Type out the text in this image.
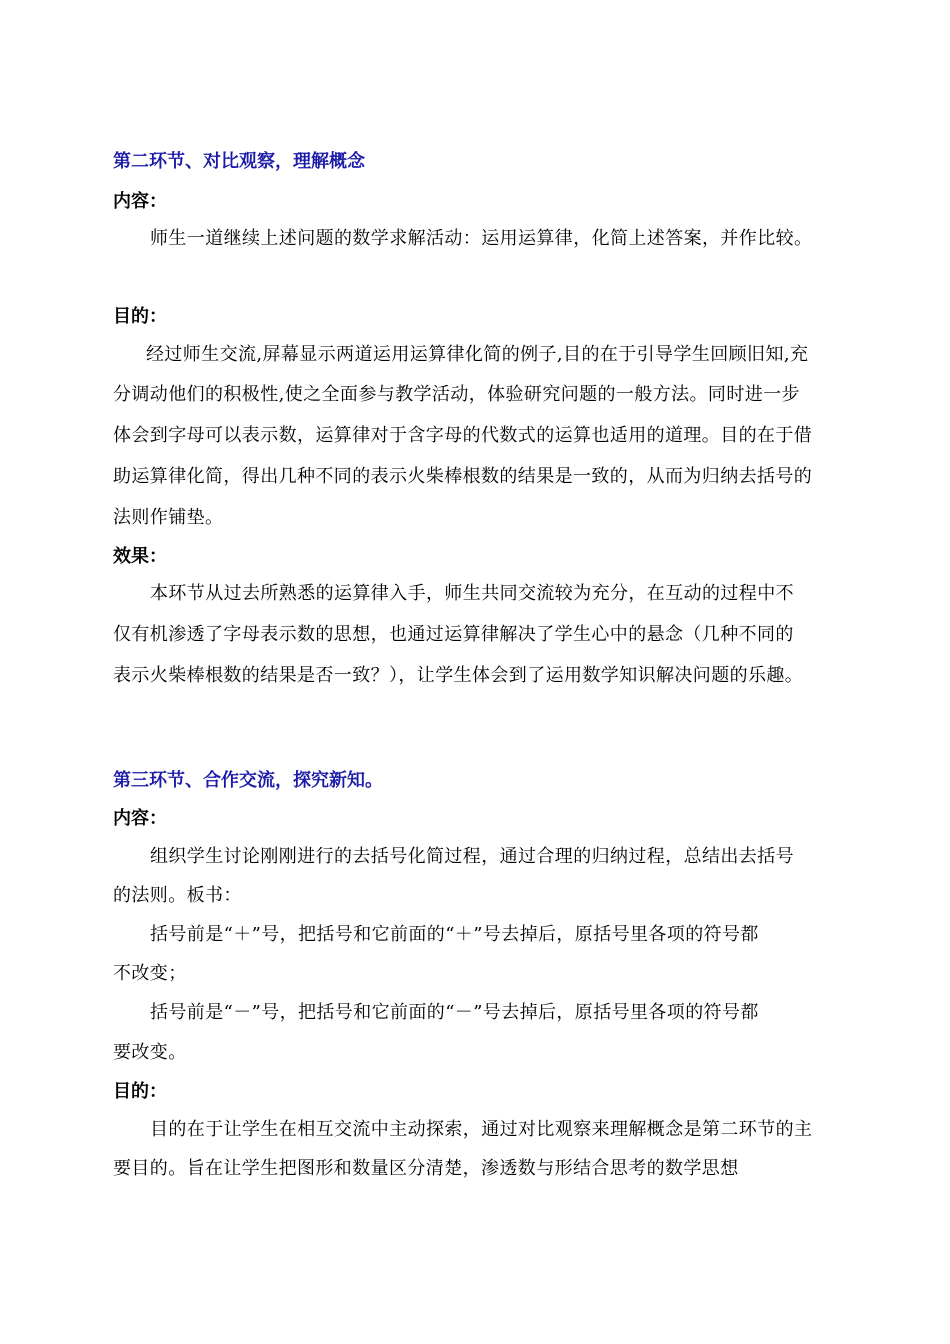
第二环节、对比观察，理解概念
内容：
师生一道继续上述问题的数学求解活动：运用运算律，化简上述答案，并作比较。
目的：
经过师生交流,屏幕显示两道运用运算律化简的例子,目的在于引导学生回顾旧知,充
分调动他们的积极性,使之全面参与教学活动，体验研究问题的一般方法。同时进一步
体会到字母可以表示数，运算律对于含字母的代数式的运算也适用的道理。目的在于借
助运算律化简，得出几种不同的表示火柴棒根数的结果是一致的，从而为归纳去括号的
法则作铺垫。
效果：
本环节从过去所熟悉的运算律入手，师生共同交流较为充分，在互动的过程中不
仅有机渗透了字母表示数的思想，也通过运算律解决了学生心中的悬念（几种不同的
表示火柴棒根数的结果是否一致？），让学生体会到了运用数学知识解决问题的乐趣。
第三环节、合作交流，探究新知。
内容：
组织学生讨论刚刚进行的去括号化简过程，通过合理的归纳过程，总结出去括号
的法则。板书：
括号前是“＋”号，把括号和它前面的“＋”号去掉后，原括号里各项的符号都
不改变；
括号前是“－”号，把括号和它前面的“－”号去掉后，原括号里各项的符号都
要改变。
目的：
目的在于让学生在相互交流中主动探索，通过对比观察来理解概念是第二环节的主
要目的。旨在让学生把图形和数量区分清楚，渗透数与形结合思考的数学思想
